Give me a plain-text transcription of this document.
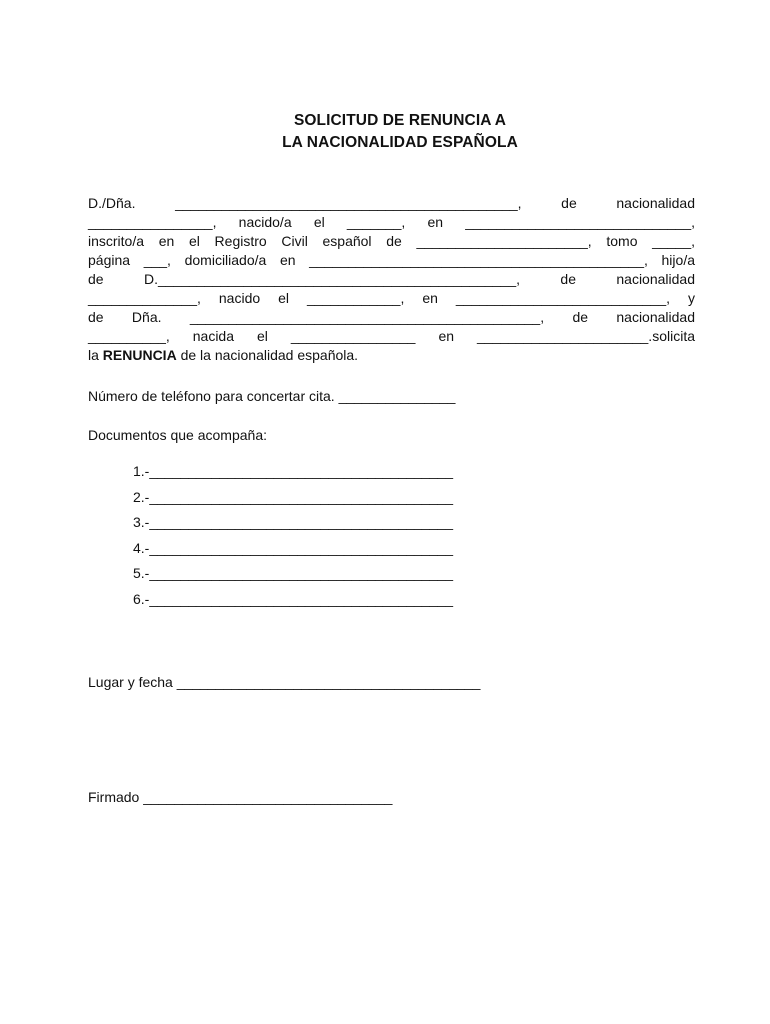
SOLICITUD DE RENUNCIA A
LA NACIONALIDAD ESPAÑOLA
D./Dña. ____________________________________________, de nacionalidad
________________, nacido/a el _______, en _____________________________,
inscrito/a en el Registro Civil español de ______________________, tomo _____,
página ___, domiciliado/a en ___________________________________________, hijo/a
de D.______________________________________________, de nacionalidad
______________, nacido el ____________, en ___________________________, y
de Dña. _____________________________________________, de nacionalidad
__________, nacida el ________________ en ______________________.solicita
la RENUNCIA de la nacionalidad española.
Número de teléfono para concertar cita. _______________
Documentos que acompaña:
1.-_______________________________________
2.-_______________________________________
3.-_______________________________________
4.-_______________________________________
5.-_______________________________________
6.-_______________________________________
Lugar y fecha _______________________________________
Firmado ________________________________
